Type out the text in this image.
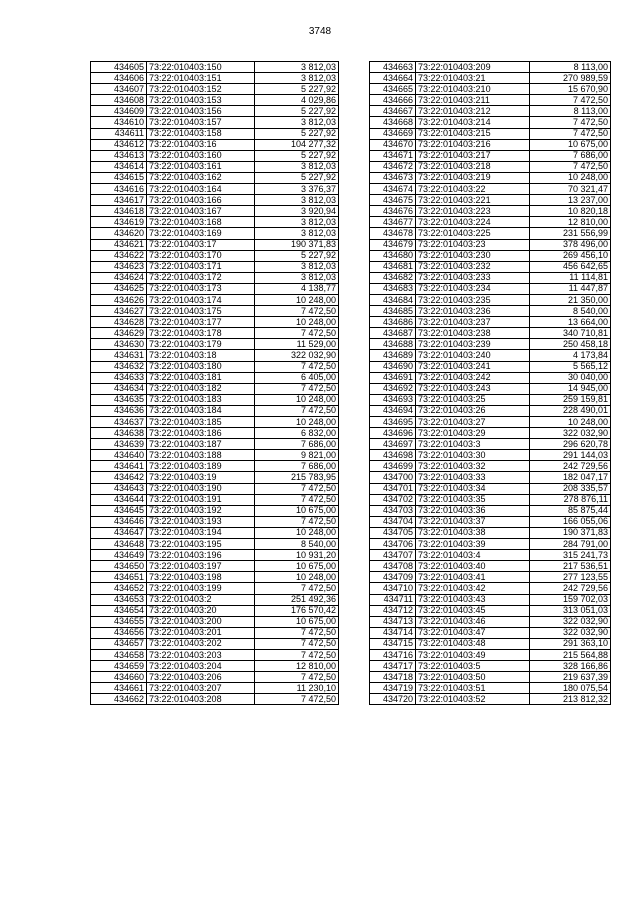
3748
434605	73:22:010403:150	3 812,03
434606	73:22:010403:151	3 812,03
434607	73:22:010403:152	5 227,92
434608	73:22:010403:153	4 029,86
434609	73:22:010403:156	5 227,92
434610	73:22:010403:157	3 812,03
434611	73:22:010403:158	5 227,92
434612	73:22:010403:16	104 277,32
434613	73:22:010403:160	5 227,92
434614	73:22:010403:161	3 812,03
434615	73:22:010403:162	5 227,92
434616	73:22:010403:164	3 376,37
434617	73:22:010403:166	3 812,03
434618	73:22:010403:167	3 920,94
434619	73:22:010403:168	3 812,03
434620	73:22:010403:169	3 812,03
434621	73:22:010403:17	190 371,83
434622	73:22:010403:170	5 227,92
434623	73:22:010403:171	3 812,03
434624	73:22:010403:172	3 812,03
434625	73:22:010403:173	4 138,77
434626	73:22:010403:174	10 248,00
434627	73:22:010403:175	7 472,50
434628	73:22:010403:177	10 248,00
434629	73:22:010403:178	7 472,50
434630	73:22:010403:179	11 529,00
434631	73:22:010403:18	322 032,90
434632	73:22:010403:180	7 472,50
434633	73:22:010403:181	6 405,00
434634	73:22:010403:182	7 472,50
434635	73:22:010403:183	10 248,00
434636	73:22:010403:184	7 472,50
434637	73:22:010403:185	10 248,00
434638	73:22:010403:186	6 832,00
434639	73:22:010403:187	7 686,00
434640	73:22:010403:188	9 821,00
434641	73:22:010403:189	7 686,00
434642	73:22:010403:19	215 783,95
434643	73:22:010403:190	7 472,50
434644	73:22:010403:191	7 472,50
434645	73:22:010403:192	10 675,00
434646	73:22:010403:193	7 472,50
434647	73:22:010403:194	10 248,00
434648	73:22:010403:195	8 540,00
434649	73:22:010403:196	10 931,20
434650	73:22:010403:197	10 675,00
434651	73:22:010403:198	10 248,00
434652	73:22:010403:199	7 472,50
434653	73:22:010403:2	251 492,36
434654	73:22:010403:20	176 570,42
434655	73:22:010403:200	10 675,00
434656	73:22:010403:201	7 472,50
434657	73:22:010403:202	7 472,50
434658	73:22:010403:203	7 472,50
434659	73:22:010403:204	12 810,00
434660	73:22:010403:206	7 472,50
434661	73:22:010403:207	11 230,10
434662	73:22:010403:208	7 472,50
434663	73:22:010403:209	8 113,00
434664	73:22:010403:21	270 989,59
434665	73:22:010403:210	15 670,90
434666	73:22:010403:211	7 472,50
434667	73:22:010403:212	8 113,00
434668	73:22:010403:214	7 472,50
434669	73:22:010403:215	7 472,50
434670	73:22:010403:216	10 675,00
434671	73:22:010403:217	7 686,00
434672	73:22:010403:218	7 472,50
434673	73:22:010403:219	10 248,00
434674	73:22:010403:22	70 321,47
434675	73:22:010403:221	13 237,00
434676	73:22:010403:223	10 820,18
434677	73:22:010403:224	12 810,00
434678	73:22:010403:225	231 556,99
434679	73:22:010403:23	378 496,00
434680	73:22:010403:230	269 456,10
434681	73:22:010403:232	456 642,65
434682	73:22:010403:233	11 114,81
434683	73:22:010403:234	11 447,87
434684	73:22:010403:235	21 350,00
434685	73:22:010403:236	8 540,00
434686	73:22:010403:237	13 664,00
434687	73:22:010403:238	340 710,81
434688	73:22:010403:239	250 458,18
434689	73:22:010403:240	4 173,84
434690	73:22:010403:241	5 565,12
434691	73:22:010403:242	30 040,00
434692	73:22:010403:243	14 945,00
434693	73:22:010403:25	259 159,81
434694	73:22:010403:26	228 490,01
434695	73:22:010403:27	10 248,00
434696	73:22:010403:29	322 032,90
434697	73:22:010403:3	296 620,78
434698	73:22:010403:30	291 144,03
434699	73:22:010403:32	242 729,56
434700	73:22:010403:33	182 047,17
434701	73:22:010403:34	208 335,57
434702	73:22:010403:35	278 876,11
434703	73:22:010403:36	85 875,44
434704	73:22:010403:37	166 055,06
434705	73:22:010403:38	190 371,83
434706	73:22:010403:39	284 791,00
434707	73:22:010403:4	315 241,73
434708	73:22:010403:40	217 536,51
434709	73:22:010403:41	277 123,55
434710	73:22:010403:42	242 729,56
434711	73:22:010403:43	159 702,03
434712	73:22:010403:45	313 051,03
434713	73:22:010403:46	322 032,90
434714	73:22:010403:47	322 032,90
434715	73:22:010403:48	291 363,10
434716	73:22:010403:49	215 564,88
434717	73:22:010403:5	328 166,86
434718	73:22:010403:50	219 637,39
434719	73:22:010403:51	180 075,54
434720	73:22:010403:52	213 812,32
